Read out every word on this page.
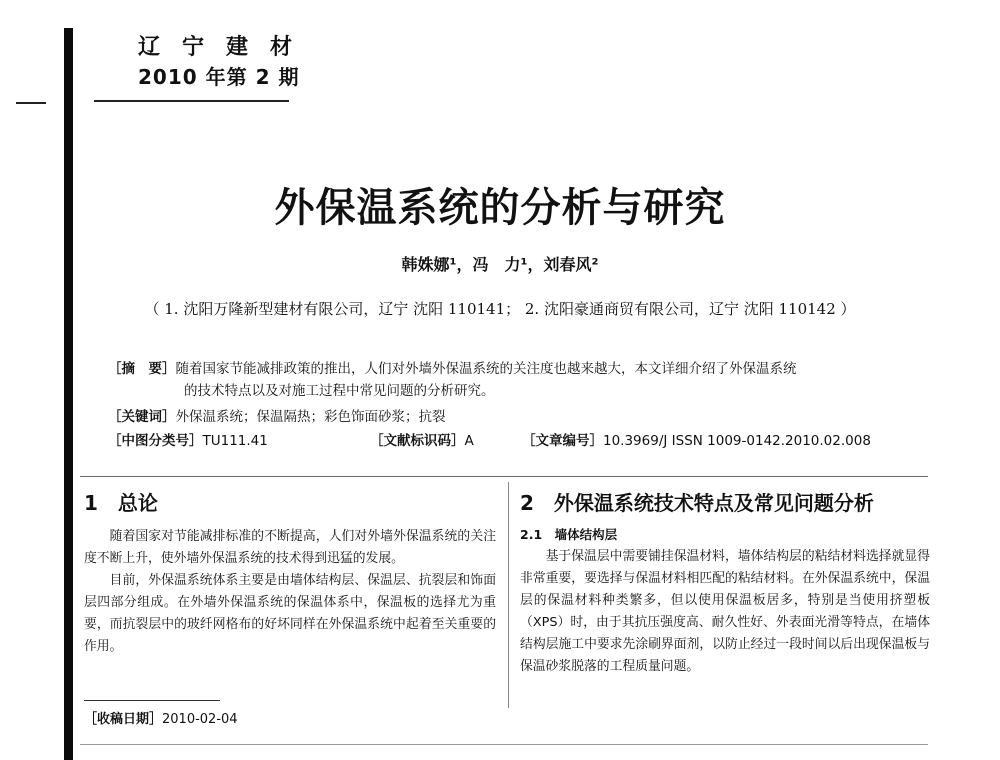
辽宁建材
2010 年第 2 期
外保温系统的分析与研究
韩姝娜¹，冯　力¹，刘春风²
（ 1. 沈阳万隆新型建材有限公司，辽宁 沈阳 110141； 2. 沈阳豪通商贸有限公司，辽宁 沈阳 110142 ）
［摘　要］随着国家节能减排政策的推出，人们对外墙外保温系统的关注度也越来越大，本文详细介绍了外保温系统
的技术特点以及对施工过程中常见问题的分析研究。
［关键词］外保温系统；保温隔热；彩色饰面砂浆；抗裂
［中图分类号］TU111.41	［文献标识码］A	［文章编号］10.3969/J ISSN 1009-0142.2010.02.008
1　总论

随着国家对节能减排标准的不断提高，人们对外墙外保温系统的关注度不断上升，使外墙外保温系统的技术得到迅猛的发展。

目前，外保温系统体系主要是由墙体结构层、保温层、抗裂层和饰面层四部分组成。在外墙外保温系统的保温体系中，保温板的选择尤为重要，而抗裂层中的玻纤网格布的好坏同样在外保温系统中起着至关重要的作用。

2　外保温系统技术特点及常见问题分析
2.1　墙体结构层

基于保温层中需要铺挂保温材料，墙体结构层的粘结材料选择就显得非常重要，要选择与保温材料相匹配的粘结材料。在外保温系统中，保温层的保温材料种类繁多，但以使用保温板居多，特别是当使用挤塑板（XPS）时，由于其抗压强度高、耐久性好、外表面光滑等特点，在墙体结构层施工中要求先涂刷界面剂，以防止经过一段时间以后出现保温板与保温砂浆脱落的工程质量问题。

［收稿日期］2010-02-04
